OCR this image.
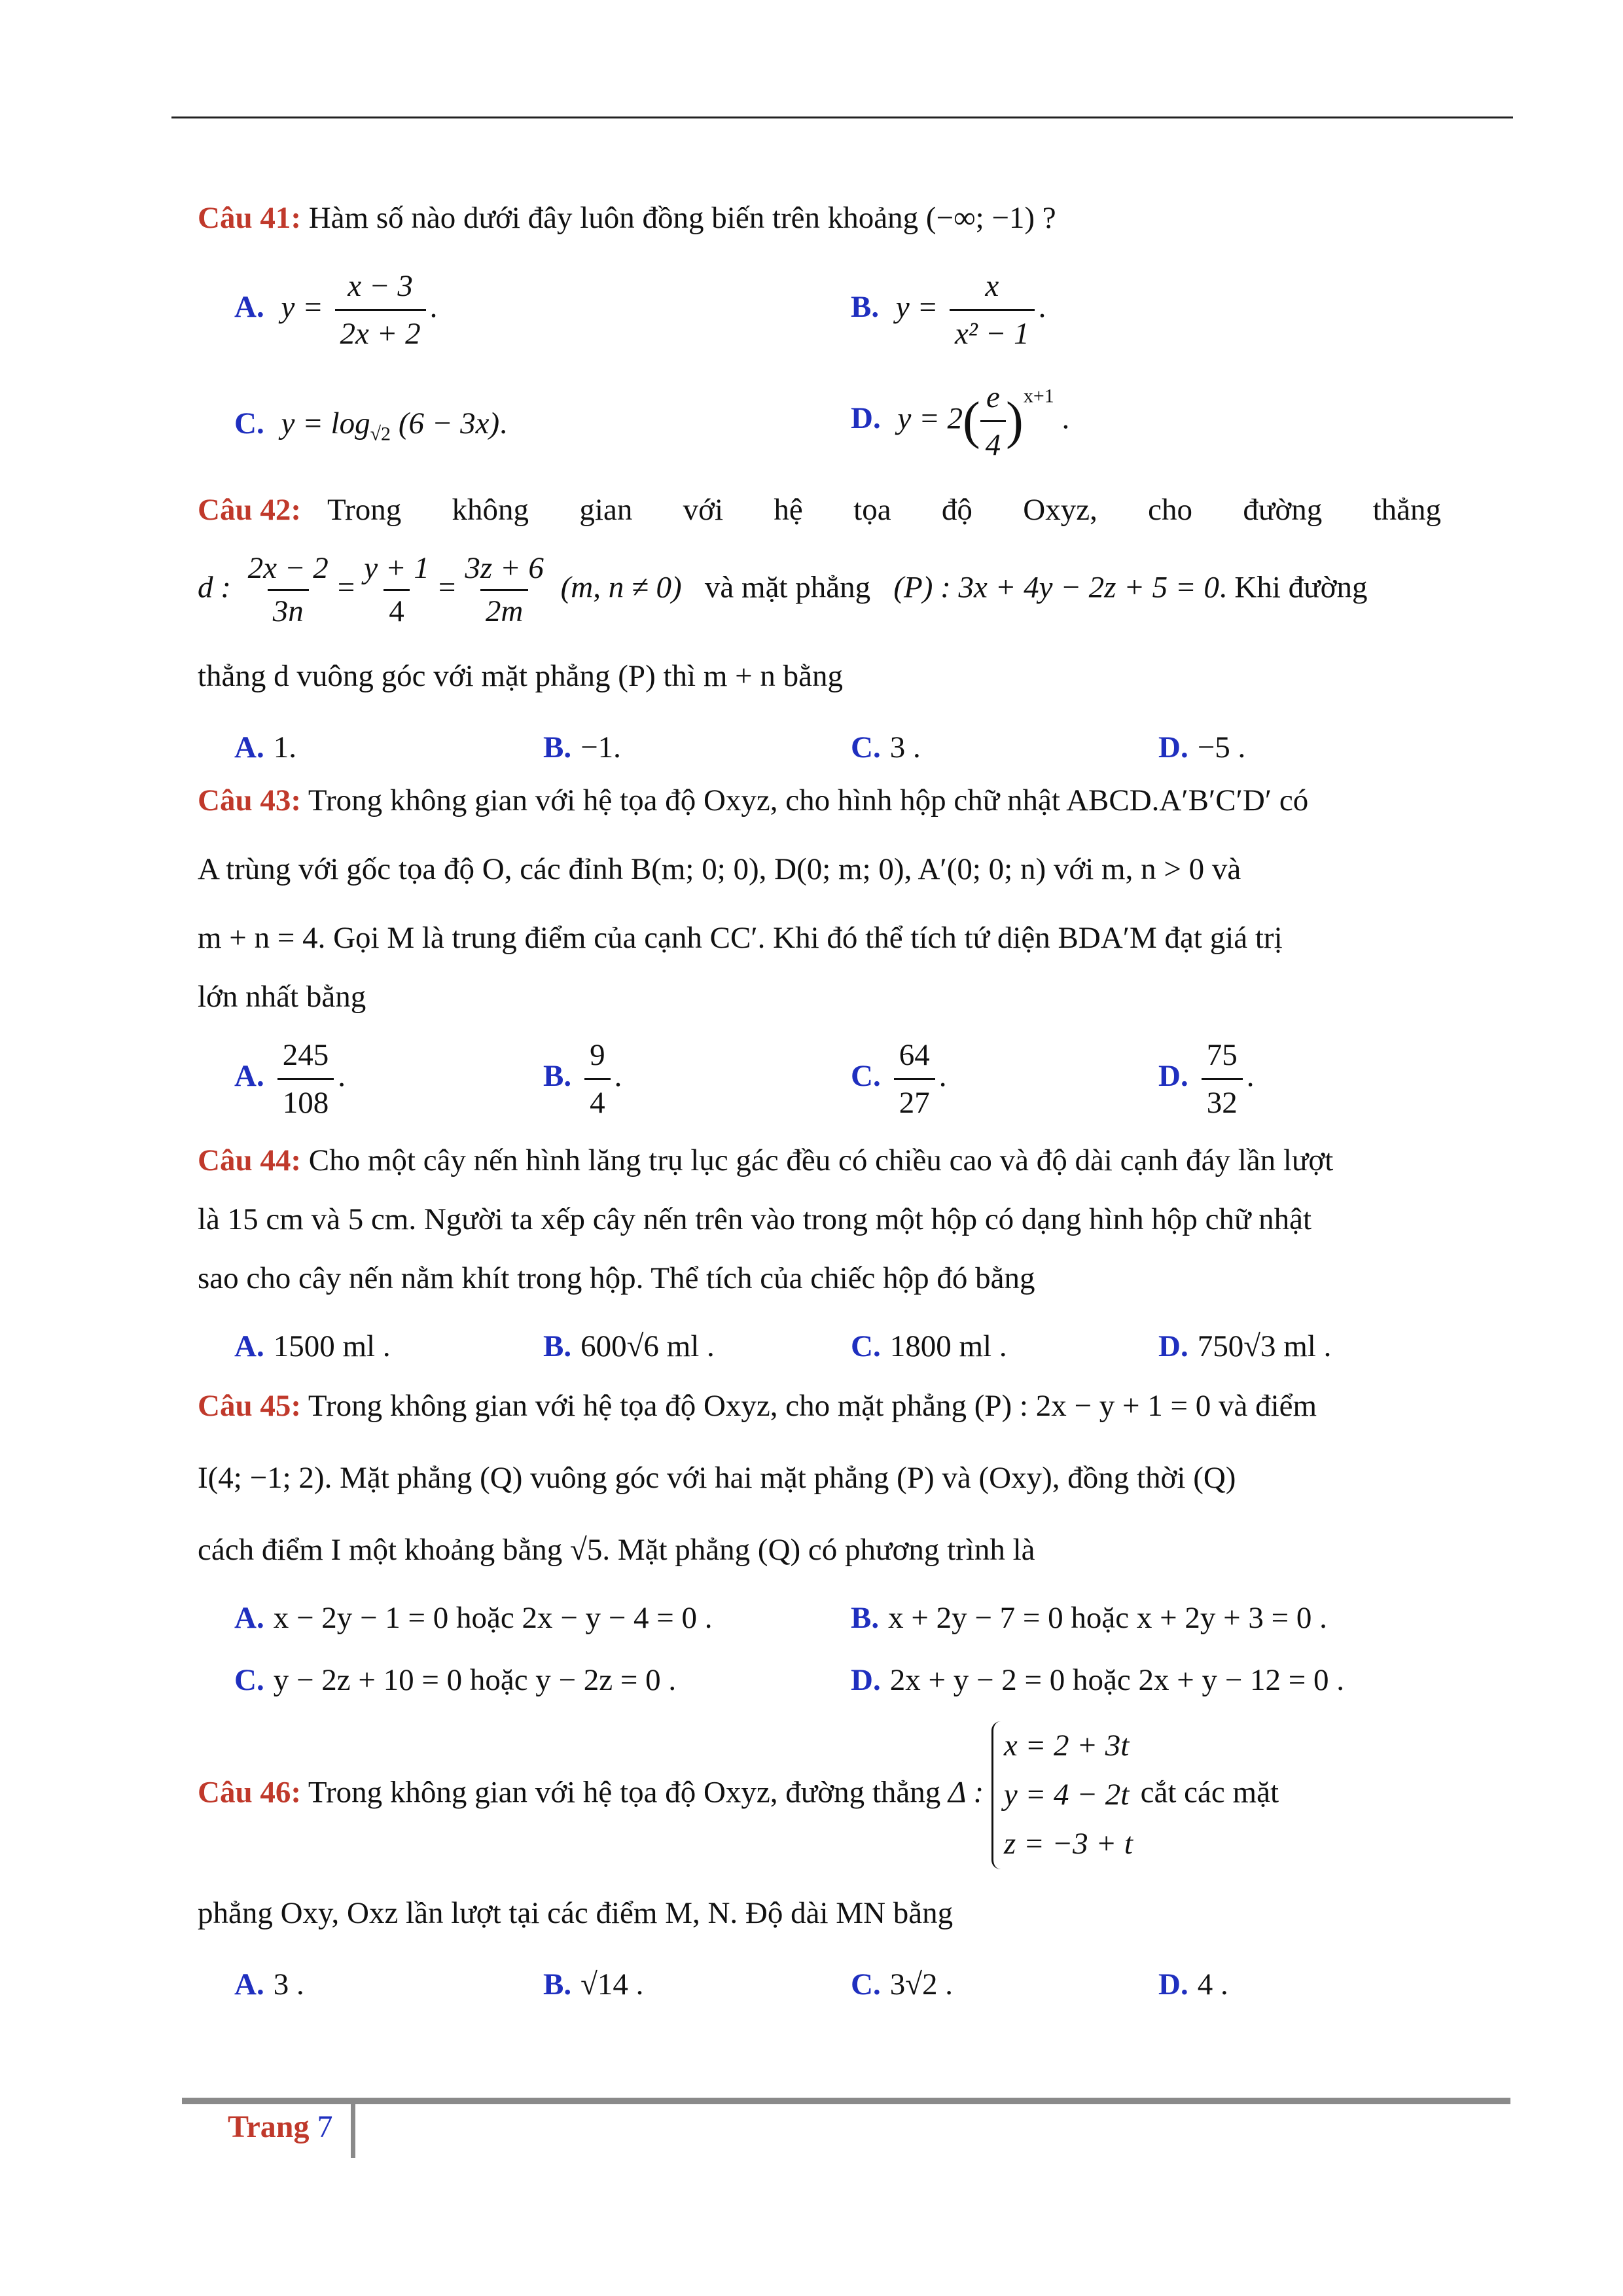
Câu 41: Hàm số nào dưới đây luôn đồng biến trên khoảng (−∞; −1) ?
A. $y = \frac{x - 3}{2x + 2}$ .	B. $y = \frac{x}{\text{x² − 1}}$ .
C. $y = \log_{√2} (6 - 3x)$.	D. $y = 2( \frac{e}{4} )^{x+1}$ .
Câu 42: Trong không gian với hệ tọa độ Oxyz, cho đường thẳng
d : $\frac{2x - 2}{3n} = \frac{y + 1}{4} = \frac{3z + 6}{2m} (m$, n ≠ 0) và mặt phẳng (P) : 3x + 4y − 2z + 5 = 0. Khi đường
thẳng d vuông góc với mặt phẳng (P) thì m + n bằng
A. 1.	B. −1.	C. 3 .	D. −5 .
Câu 43: Trong không gian với hệ tọa độ Oxyz, cho hình hộp chữ nhật ABCD.A′B′C′D′ có
A trùng với gốc tọa độ O, các đỉnh B(m; 0; 0), D(0; m; 0), A′(0; 0; n) với m, n > 0 và
m + n = 4. Gọi M là trung điểm của cạnh CC′. Khi đó thể tích tứ diện BDA′M đạt giá trị
lớn nhất bằng
A. $\frac{245}{108}$ .	B. $\frac{9}{4}$ .	C. $\frac{64}{27}$ .	D. $\frac{75}{32}$ .
Câu 44: Cho một cây nến hình lăng trụ lục gác đều có chiều cao và độ dài cạnh đáy lần lượt
là 15 cm và 5 cm. Người ta xếp cây nến trên vào trong một hộp có dạng hình hộp chữ nhật
sao cho cây nến nằm khít trong hộp. Thể tích của chiếc hộp đó bằng
A. 1500 ml .	B. 600√6 ml .	C. 1800 ml .	D. 750√3 ml .
Câu 45: Trong không gian với hệ tọa độ Oxyz, cho mặt phẳng (P) : 2x − y + 1 = 0 và điểm
I(4; −1; 2). Mặt phẳng (Q) vuông góc với hai mặt phẳng (P) và (Oxy), đồng thời (Q)
cách điểm I một khoảng bằng √5. Mặt phẳng (Q) có phương trình là
A. x − 2y − 1 = 0 hoặc 2x − y − 4 = 0 .	B. x + 2y − 7 = 0 hoặc x + 2y + 3 = 0 .
C. y − 2z + 10 = 0 hoặc y − 2z = 0 .	D. 2x + y − 2 = 0 hoặc 2x + y − 12 = 0 .
Câu 46: Trong không gian với hệ tọa độ Oxyz, đường thẳng Δ :
x = 2 + 3t
y = 4 − 2t
z = −3 + t
cắt các mặt
phẳng Oxy, Oxz lần lượt tại các điểm M, N. Độ dài MN bằng
A. 3 .	B. √14 .	C. 3√2 .	D. 4 .
Trang 7
